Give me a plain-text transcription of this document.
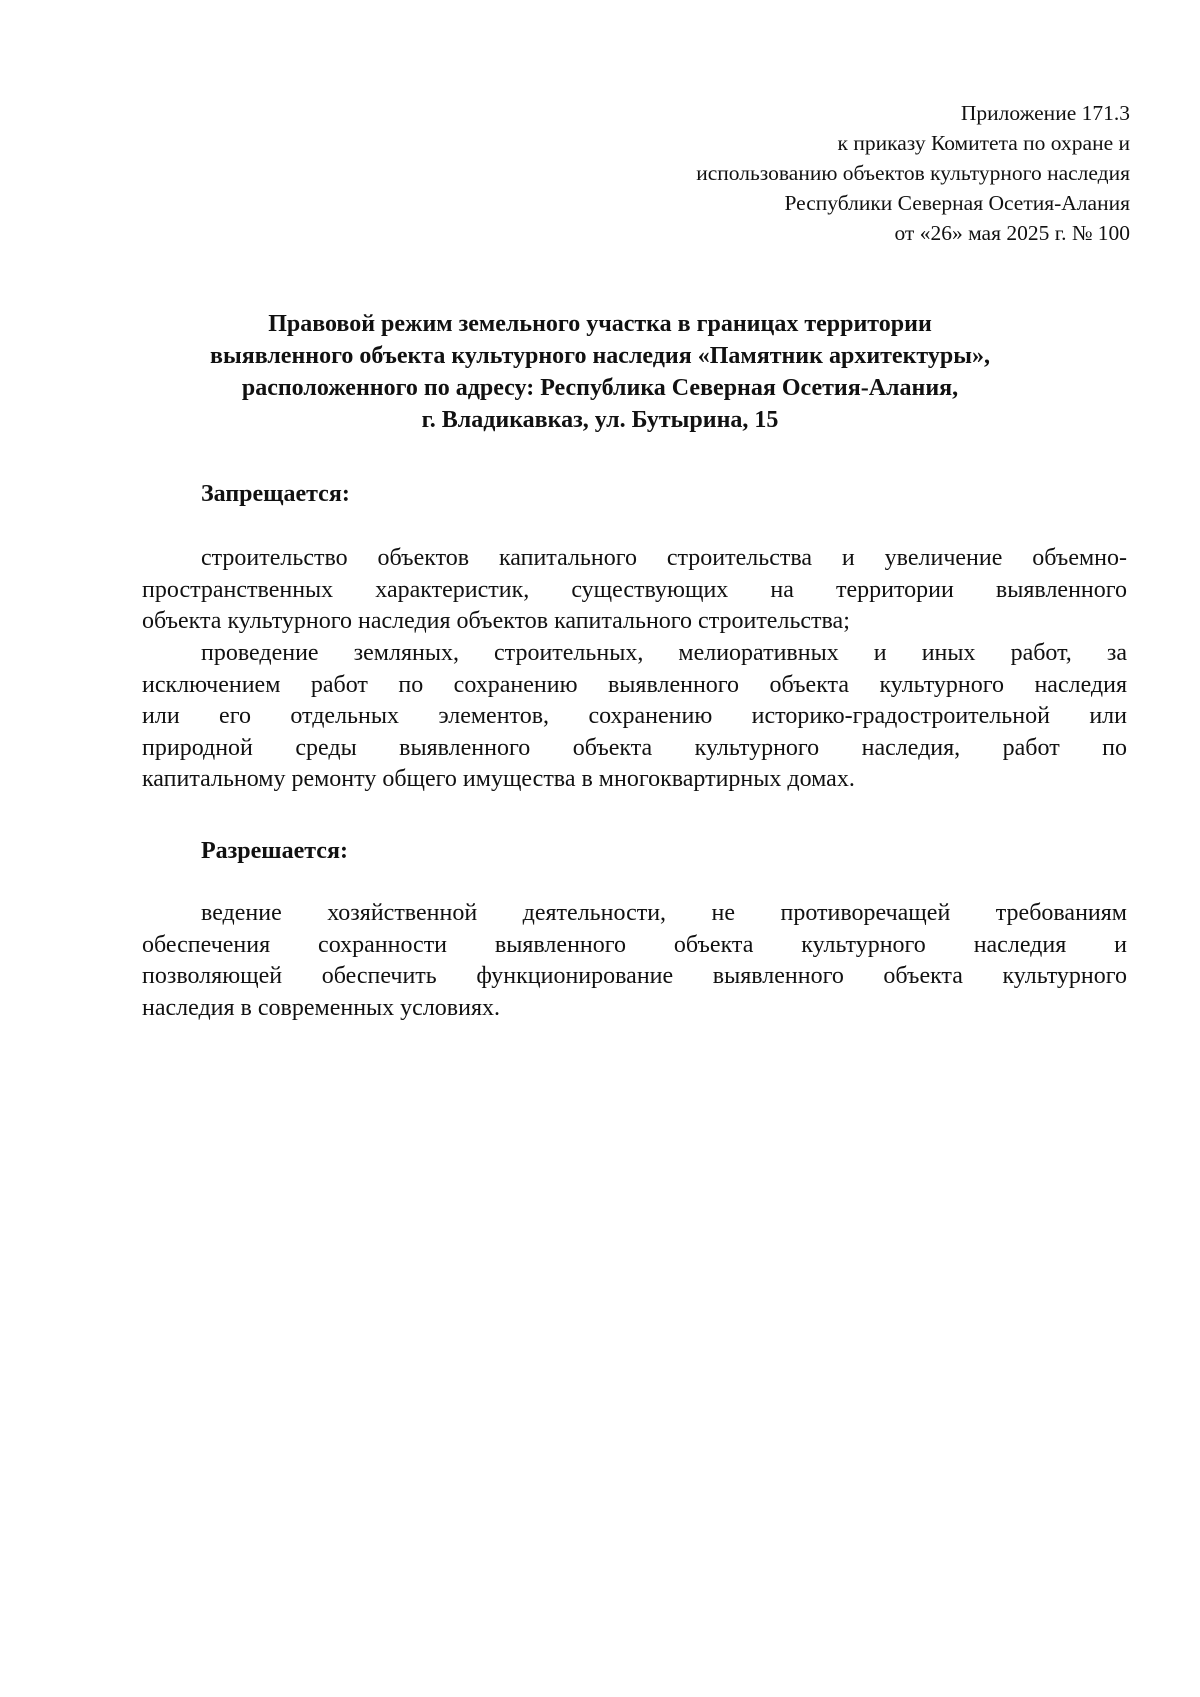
Приложение 171.3
к приказу Комитета по охране и
использованию объектов культурного наследия
Республики Северная Осетия-Алания
от «26» мая 2025 г. № 100
Правовой режим земельного участка в границах территории
выявленного объекта культурного наследия «Памятник архитектуры»,
расположенного по адресу: Республика Северная Осетия-Алания,
г. Владикавказ, ул. Бутырина, 15
Запрещается:
строительство объектов капитального строительства и увеличение объемно-
пространственных характеристик, существующих на территории выявленного
объекта культурного наследия объектов капитального строительства;
проведение земляных, строительных, мелиоративных и иных работ, за
исключением работ по сохранению выявленного объекта культурного наследия
или его отдельных элементов, сохранению историко-градостроительной или
природной среды выявленного объекта культурного наследия, работ по
капитальному ремонту общего имущества в многоквартирных домах.
Разрешается:
ведение хозяйственной деятельности, не противоречащей требованиям
обеспечения сохранности выявленного объекта культурного наследия и
позволяющей обеспечить функционирование выявленного объекта культурного
наследия в современных условиях.
